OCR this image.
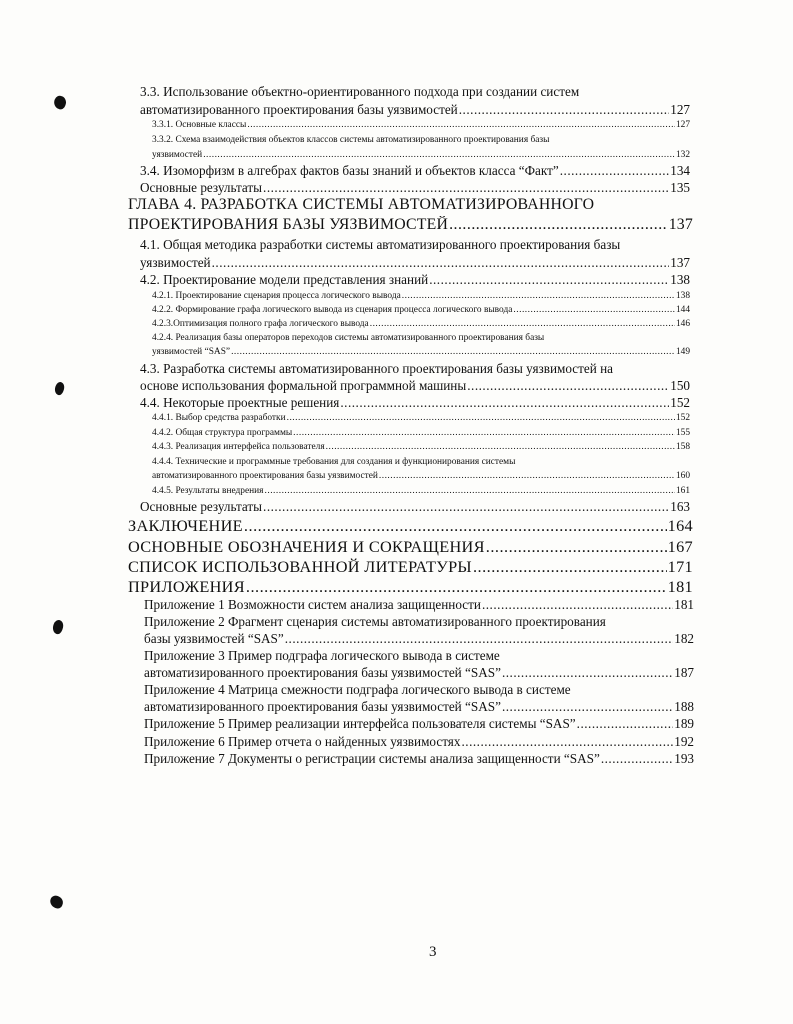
3.3. Использование объектно-ориентированного подхода при создании систем
автоматизированного проектирования базы уязвимостей .....	127
3.3.1. Основные классы .....	127
3.3.2. Схема взаимодействия объектов классов системы автоматизированного проектирования базы
уязвимостей .....	132
3.4. Изоморфизм в алгебрах фактов базы знаний и объектов класса “Факт” .....	134
Основные результаты .....	135
ГЛАВА 4. РАЗРАБОТКА СИСТЕМЫ АВТОМАТИЗИРОВАННОГО
ПРОЕКТИРОВАНИЯ БАЗЫ УЯЗВИМОСТЕЙ .....	137
4.1. Общая методика разработки системы автоматизированного проектирования базы
уязвимостей .....	137
4.2. Проектирование модели представления знаний .....	138
4.2.1. Проектирование сценария процесса логического вывода .....	138
4.2.2. Формирование графа логического вывода из сценария процесса логического вывода .....	144
4.2.3.Оптимизация полного графа логического вывода .....	146
4.2.4. Реализация базы операторов переходов системы автоматизированного проектирования базы
уязвимостей “SAS” .....	149
4.3. Разработка системы автоматизированного проектирования базы уязвимостей на
основе использования формальной программной машины .....	150
4.4. Некоторые проектные решения .....	152
4.4.1. Выбор средства разработки .....	152
4.4.2. Общая структура программы .....	155
4.4.3. Реализация интерфейса пользователя .....	158
4.4.4. Технические и программные требования для создания и функционирования системы
автоматизированного проектирования базы уязвимостей .....	160
4.4.5. Результаты внедрения .....	161
Основные результаты .....	163
ЗАКЛЮЧЕНИЕ .....	164
ОСНОВНЫЕ ОБОЗНАЧЕНИЯ И СОКРАЩЕНИЯ .....	167
СПИСОК ИСПОЛЬЗОВАННОЙ ЛИТЕРАТУРЫ .....	171
ПРИЛОЖЕНИЯ .....	181
Приложение 1 Возможности систем анализа защищенности .....	181
Приложение 2 Фрагмент сценария системы автоматизированного проектирования
базы уязвимостей “SAS” .....	182
Приложение 3 Пример подграфа логического вывода в системе
автоматизированного проектирования базы уязвимостей “SAS” .....	187
Приложение 4 Матрица смежности подграфа логического вывода в системе
автоматизированного проектирования базы уязвимостей “SAS” .....	188
Приложение 5 Пример реализации интерфейса пользователя системы “SAS” .....	189
Приложение 6 Пример отчета о найденных уязвимостях .....	192
Приложение 7 Документы о регистрации системы анализа защищенности “SAS” .....	193
3
